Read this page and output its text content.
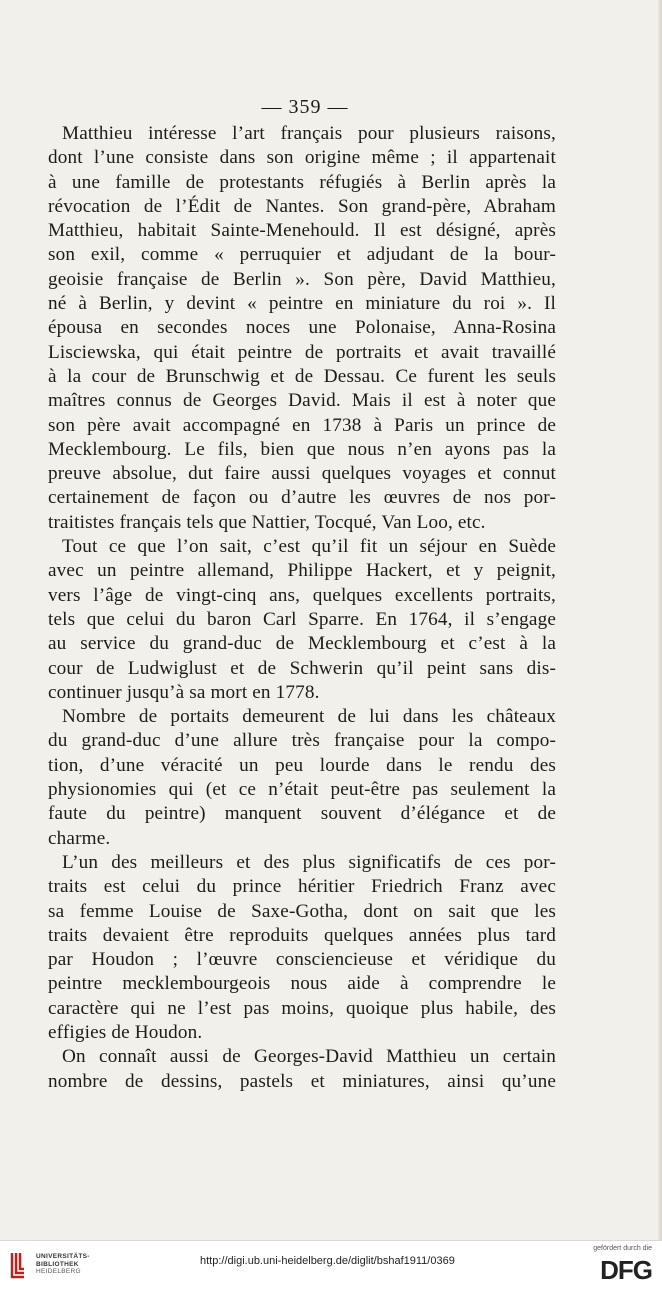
— 359 —
Matthieu intéresse l’art français pour plusieurs raisons,
dont l’une consiste dans son origine même ; il appartenait
à une famille de protestants réfugiés à Berlin après la
révocation de l’Édit de Nantes. Son grand-père, Abraham
Matthieu, habitait Sainte-Menehould. Il est désigné, après
son exil, comme « perruquier et adjudant de la bour-
geoisie française de Berlin ». Son père, David Matthieu,
né à Berlin, y devint « peintre en miniature du roi ». Il
épousa en secondes noces une Polonaise, Anna-Rosina
Lisciewska, qui était peintre de portraits et avait travaillé
à la cour de Brunschwig et de Dessau. Ce furent les seuls
maîtres connus de Georges David. Mais il est à noter que
son père avait accompagné en 1738 à Paris un prince de
Mecklembourg. Le fils, bien que nous n’en ayons pas la
preuve absolue, dut faire aussi quelques voyages et connut
certainement de façon ou d’autre les œuvres de nos por-
traitistes français tels que Nattier, Tocqué, Van Loo, etc.
Tout ce que l’on sait, c’est qu’il fit un séjour en Suède
avec un peintre allemand, Philippe Hackert, et y peignit,
vers l’âge de vingt-cinq ans, quelques excellents portraits,
tels que celui du baron Carl Sparre. En 1764, il s’engage
au service du grand-duc de Mecklembourg et c’est à la
cour de Ludwiglust et de Schwerin qu’il peint sans dis-
continuer jusqu’à sa mort en 1778.
Nombre de portaits demeurent de lui dans les châteaux
du grand-duc d’une allure très française pour la compo-
tion, d’une véracité un peu lourde dans le rendu des
physionomies qui (et ce n’était peut-être pas seulement la
faute du peintre) manquent souvent d’élégance et de
charme.
L’un des meilleurs et des plus significatifs de ces por-
traits est celui du prince héritier Friedrich Franz avec
sa femme Louise de Saxe-Gotha, dont on sait que les
traits devaient être reproduits quelques années plus tard
par Houdon ; l’œuvre consciencieuse et véridique du
peintre mecklembourgeois nous aide à comprendre le
caractère qui ne l’est pas moins, quoique plus habile, des
effigies de Houdon.
On connaît aussi de Georges-David Matthieu un certain
nombre de dessins, pastels et miniatures, ainsi qu’une
UNIVERSITÄTS-
BIBLIOTHEK
HEIDELBERG
http://digi.ub.uni-heidelberg.de/diglit/bshaf1911/0369
gefördert durch die
DFG
